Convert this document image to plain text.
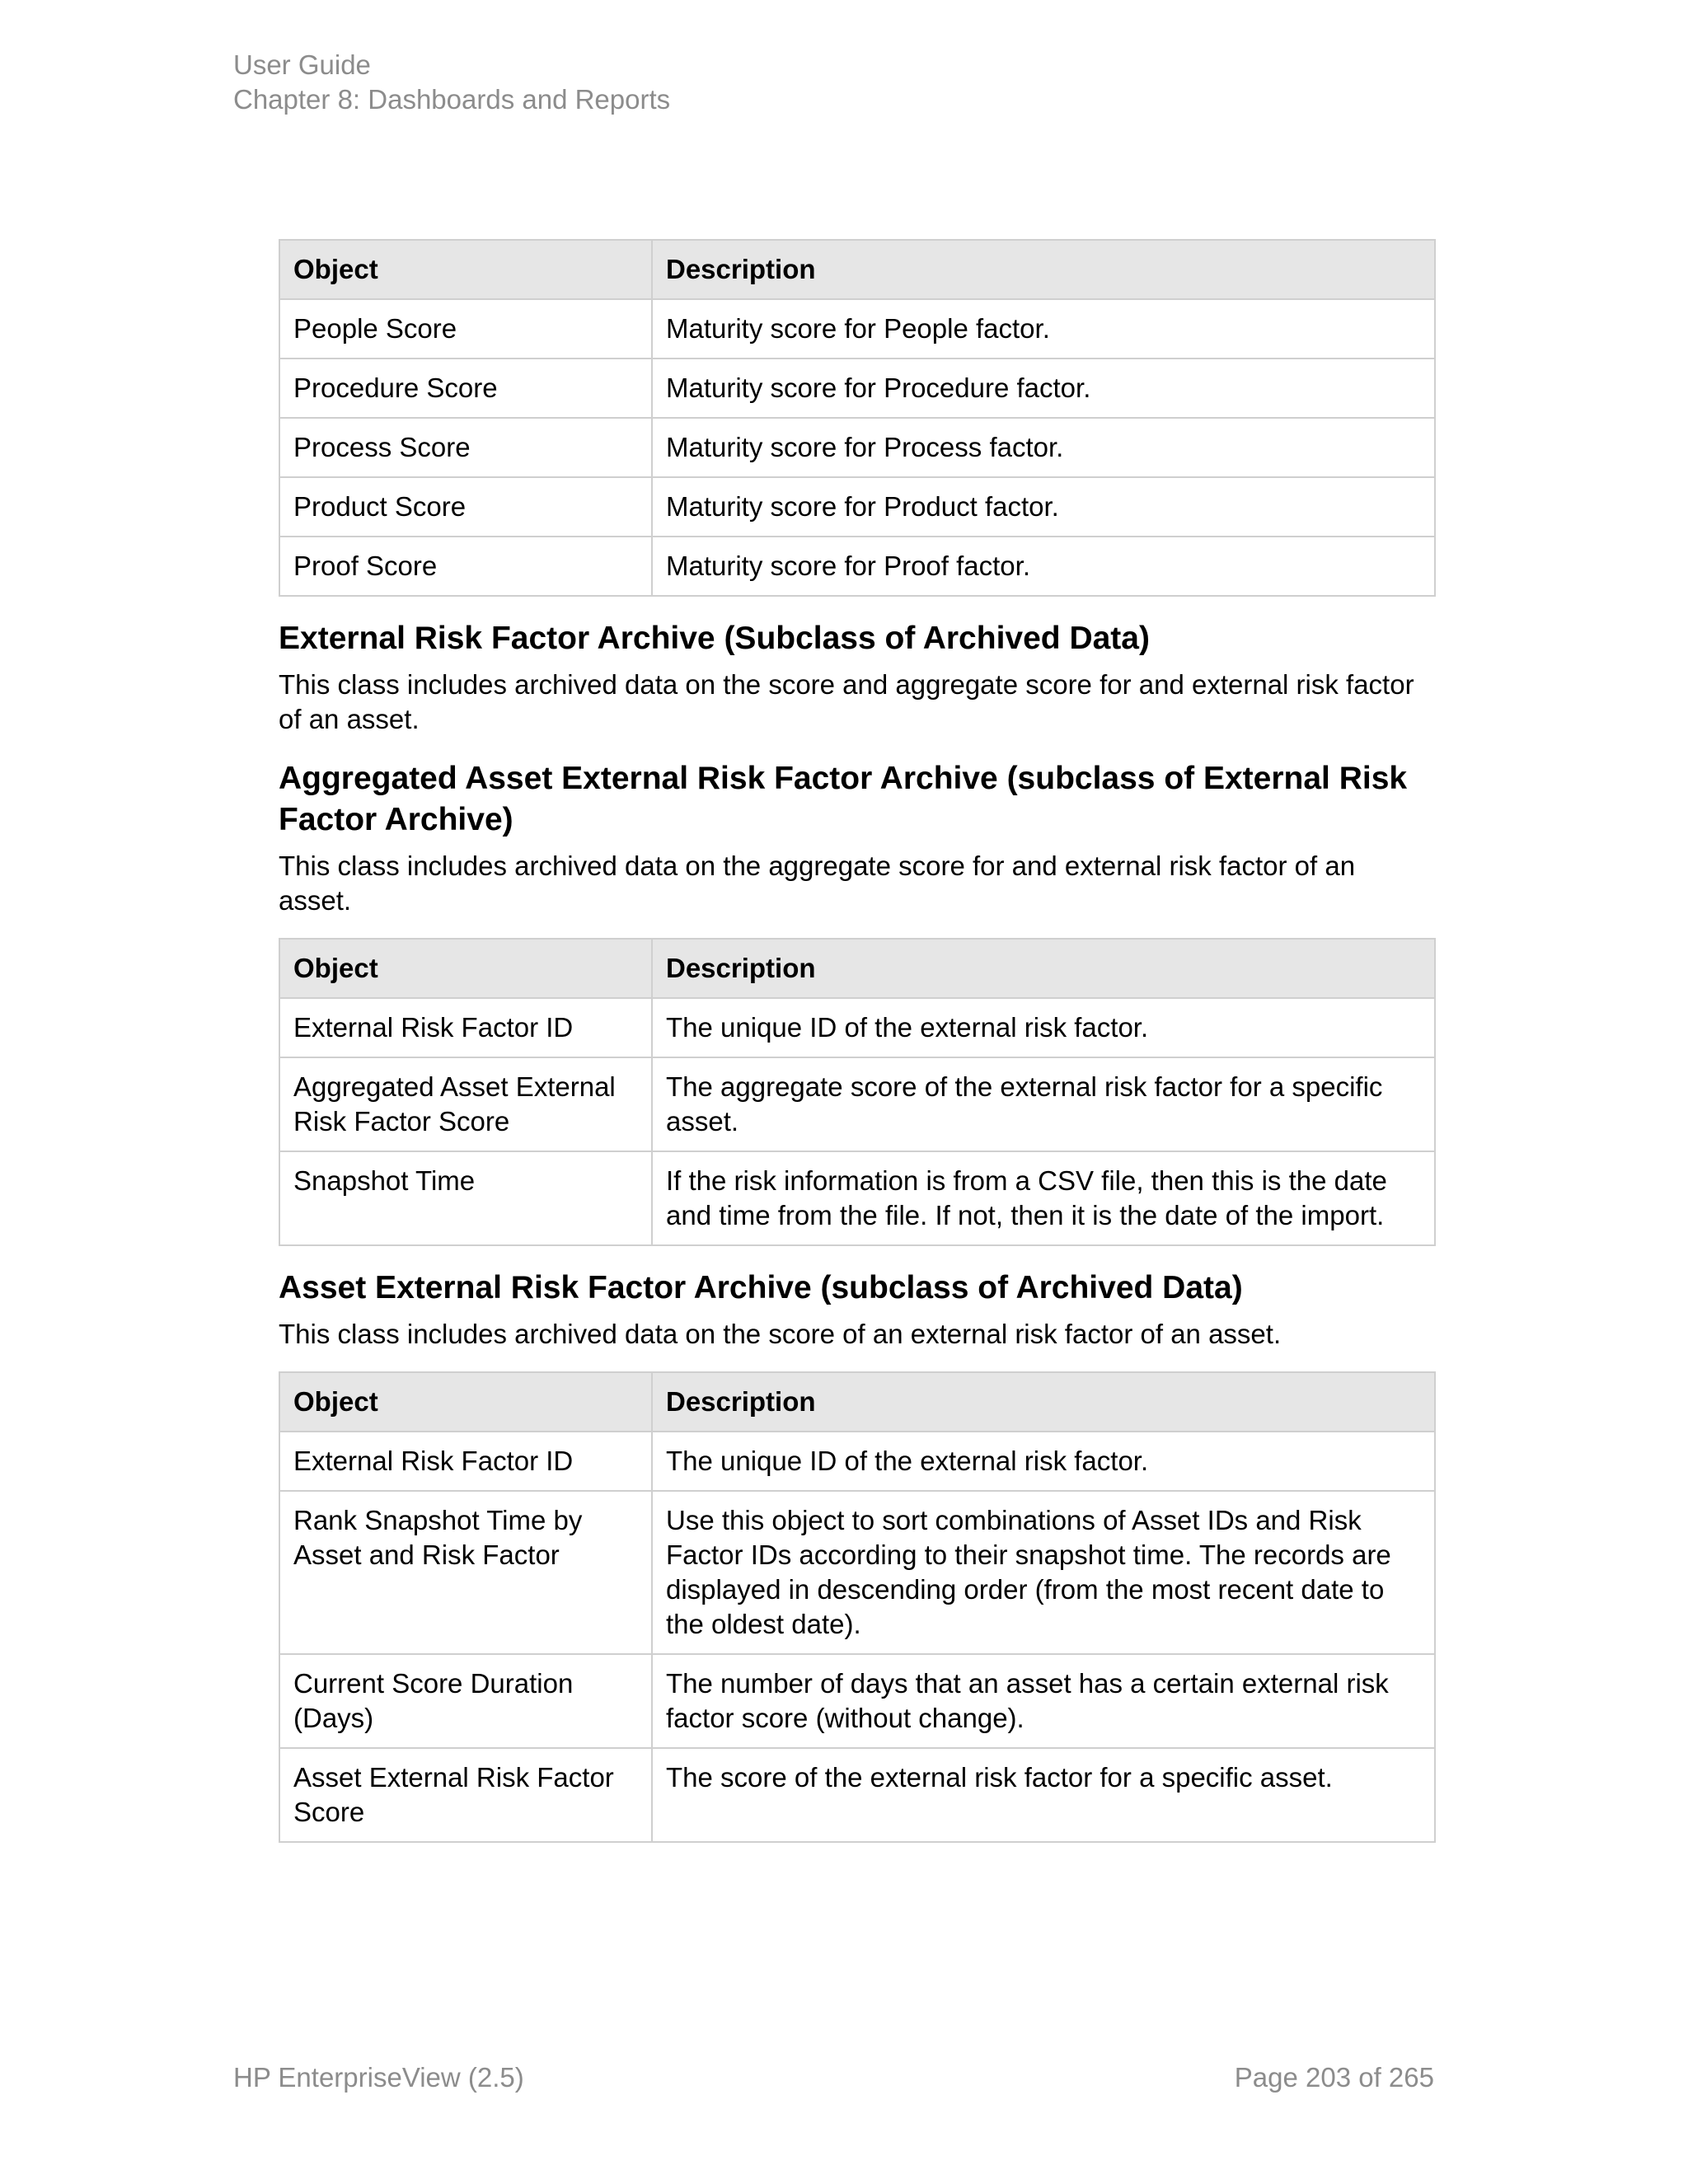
User Guide
Chapter 8: Dashboards and Reports
Object	Description
People Score	Maturity score for People factor.
Procedure Score	Maturity score for Procedure factor.
Process Score	Maturity score for Process factor.
Product Score	Maturity score for Product factor.
Proof Score	Maturity score for Proof factor.
External Risk Factor Archive (Subclass of Archived Data)

This class includes archived data on the score and aggregate score for and external risk factor of an asset.

Aggregated Asset External Risk Factor Archive (subclass of External Risk Factor Archive)

This class includes archived data on the aggregate score for and external risk factor of an asset.

Object	Description
External Risk Factor ID	The unique ID of the external risk factor.
Aggregated Asset External Risk Factor Score	The aggregate score of the external risk factor for a specific asset.
Snapshot Time	If the risk information is from a CSV file, then this is the date and time from the file. If not, then it is the date of the import.
Asset External Risk Factor Archive (subclass of Archived Data)

This class includes archived data on the score of an external risk factor of an asset.

Object	Description
External Risk Factor ID	The unique ID of the external risk factor.
Rank Snapshot Time by Asset and Risk Factor	Use this object to sort combinations of Asset IDs and Risk Factor IDs according to their snapshot time. The records are displayed in descending order (from the most recent date to the oldest date).
Current Score Duration (Days)	The number of days that an asset has a certain external risk factor score (without change).
Asset External Risk Factor Score	The score of the external risk factor for a specific asset.
HP EnterpriseView (2.5)	Page 203 of 265
